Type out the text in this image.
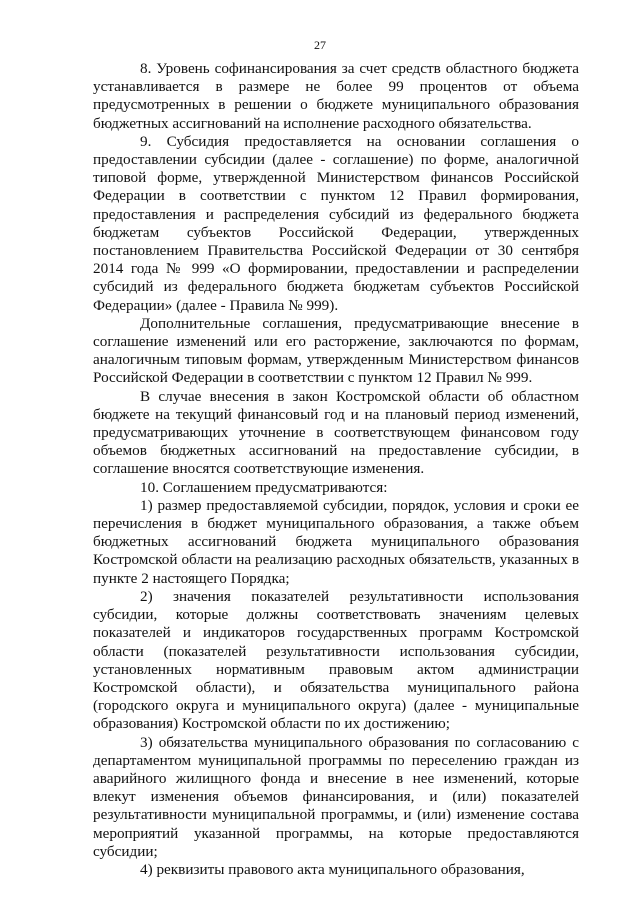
27

8. Уровень софинансирования за счет средств областного бюджета устанавливается в размере не более 99 процентов от объема предусмотренных в решении о бюджете муниципального образования бюджетных ассигнований на исполнение расходного обязательства.

9. Субсидия предоставляется на основании соглашения о предоставлении субсидии (далее - соглашение) по форме, аналогичной типовой форме, утвержденной Министерством финансов Российской Федерации в соответствии с пунктом 12 Правил формирования, предоставления и распределения субсидий из федерального бюджета бюджетам субъектов Российской Федерации, утвержденных постановлением Правительства Российской Федерации от 30 сентября 2014 года № 999 «О формировании, предоставлении и распределении субсидий из федерального бюджета бюджетам субъектов Российской Федерации» (далее - Правила № 999).

Дополнительные соглашения, предусматривающие внесение в соглашение изменений или его расторжение, заключаются по формам, аналогичным типовым формам, утвержденным Министерством финансов Российской Федерации в соответствии с пунктом 12 Правил № 999.

В случае внесения в закон Костромской области об областном бюджете на текущий финансовый год и на плановый период изменений, предусматривающих уточнение в соответствующем финансовом году объемов бюджетных ассигнований на предоставление субсидии, в соглашение вносятся соответствующие изменения.

10. Соглашением предусматриваются:

1) размер предоставляемой субсидии, порядок, условия и сроки ее перечисления в бюджет муниципального образования, а также объем бюджетных ассигнований бюджета муниципального образования Костромской области на реализацию расходных обязательств, указанных в пункте 2 настоящего Порядка;

2) значения показателей результативности использования субсидии, которые должны соответствовать значениям целевых показателей и индикаторов государственных программ Костромской области (показателей результативности использования субсидии, установленных нормативным правовым актом администрации Костромской области), и обязательства муниципального района (городского округа и муниципального округа) (далее - муниципальные образования) Костромской области по их достижению;

3) обязательства муниципального образования по согласованию с департаментом муниципальной программы по переселению граждан из аварийного жилищного фонда и внесение в нее изменений, которые влекут изменения объемов финансирования, и (или) показателей результативности муниципальной программы, и (или) изменение состава мероприятий указанной программы, на которые предоставляются субсидии;

4) реквизиты правового акта муниципального образования,
